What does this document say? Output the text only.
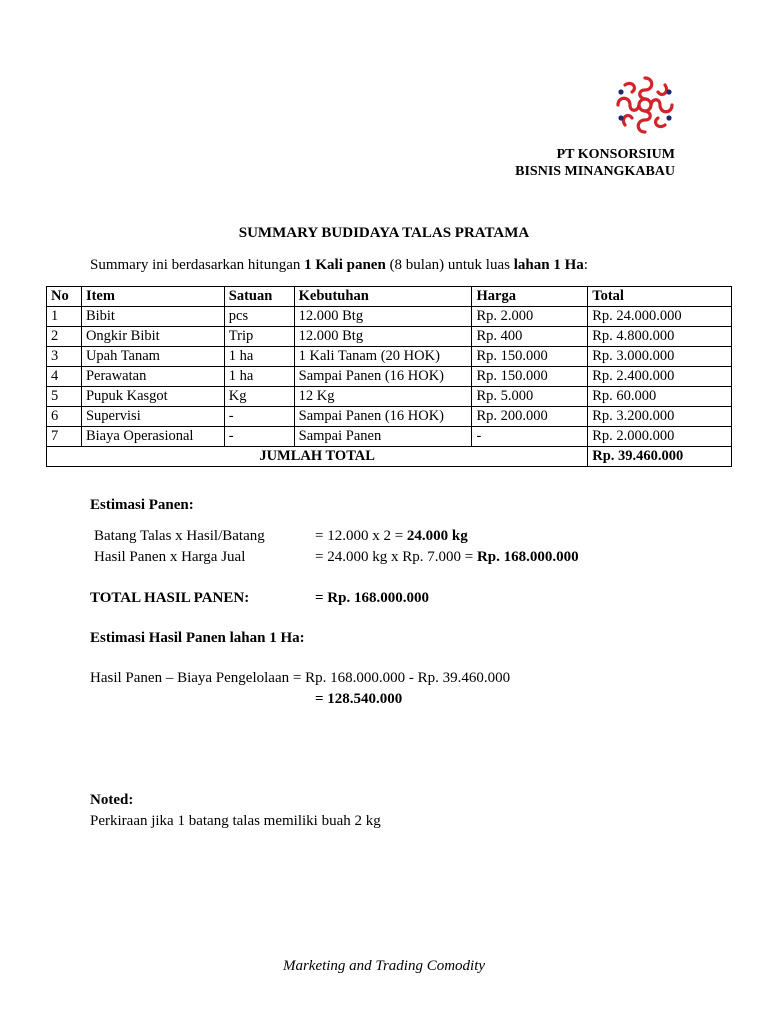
PT KONSORSIUM
BISNIS MINANGKABAU
SUMMARY BUDIDAYA TALAS PRATAMA
Summary ini berdasarkan hitungan 1 Kali panen (8 bulan) untuk luas lahan 1 Ha:
No	Item	Satuan	Kebutuhan	Harga	Total
1	Bibit	pcs	12.000 Btg	Rp. 2.000	Rp. 24.000.000
2	Ongkir Bibit	Trip	12.000 Btg	Rp. 400	Rp. 4.800.000
3	Upah Tanam	1 ha	1 Kali Tanam (20 HOK)	Rp. 150.000	Rp. 3.000.000
4	Perawatan	1 ha	Sampai Panen (16 HOK)	Rp. 150.000	Rp. 2.400.000
5	Pupuk Kasgot	Kg	12 Kg	Rp. 5.000	Rp. 60.000
6	Supervisi	-	Sampai Panen (16 HOK)	Rp. 200.000	Rp. 3.200.000
7	Biaya Operasional	-	Sampai Panen	-	Rp. 2.000.000
JUMLAH TOTAL					Rp. 39.460.000
Estimasi Panen:
Batang Talas x Hasil/Batang	= 12.000 x 2 = 24.000 kg
Hasil Panen x Harga Jual	= 24.000 kg x Rp. 7.000 = Rp. 168.000.000
TOTAL HASIL PANEN:	= Rp. 168.000.000
Estimasi Hasil Panen lahan 1 Ha:
Hasil Panen – Biaya Pengelolaan = Rp. 168.000.000 - Rp. 39.460.000
= 128.540.000
Noted:
Perkiraan jika 1 batang talas memiliki buah 2 kg
Marketing and Trading Comodity
